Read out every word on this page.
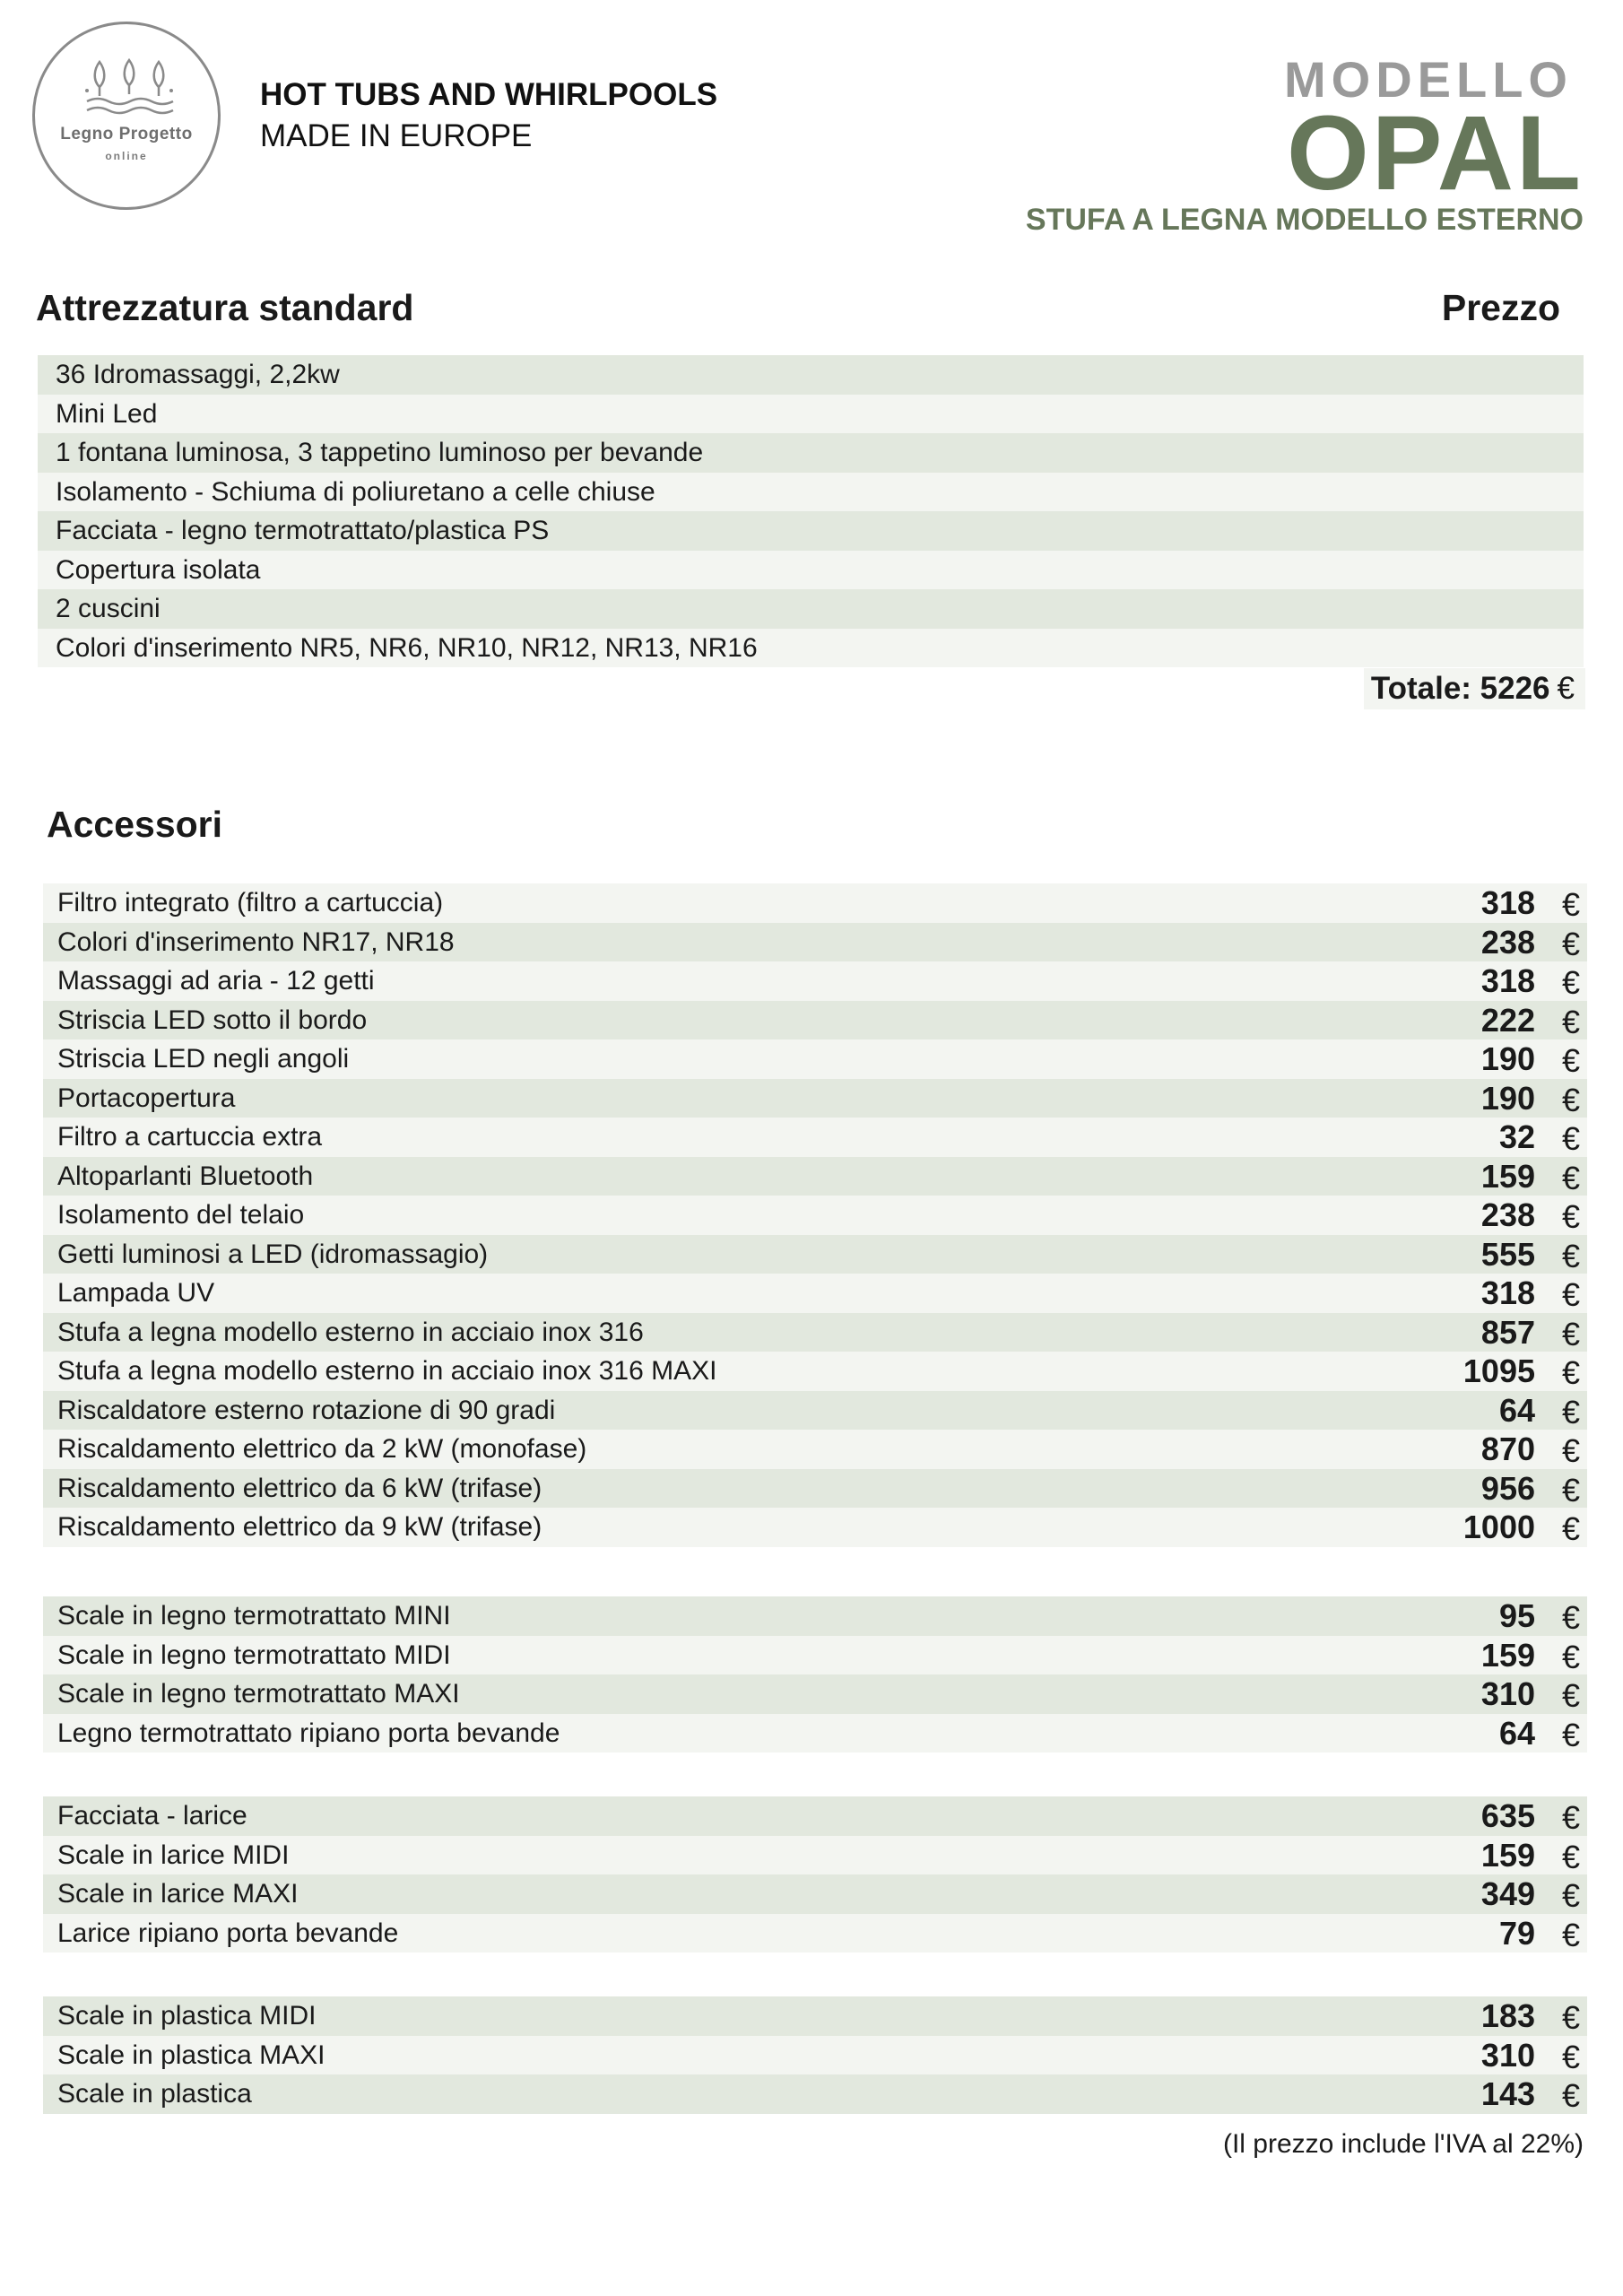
Legno Progetto
online
HOT TUBS AND WHIRLPOOLS
MADE IN EUROPE
MODELLO
OPAL
STUFA A LEGNA MODELLO ESTERNO
Attrezzatura standard	Prezzo
36 Idromassaggi, 2,2kw
Mini Led
1 fontana luminosa, 3 tappetino luminoso per bevande
Isolamento - Schiuma di poliuretano a celle chiuse
Facciata - legno termotrattato/plastica PS
Copertura isolata
2 cuscini
Colori d'inserimento NR5, NR6, NR10, NR12, NR13, NR16
Totale: 5226 €
Accessori
Filtro integrato (filtro a cartuccia)	318 €
Colori d'inserimento NR17, NR18	238 €
Massaggi ad aria - 12 getti	318 €
Striscia LED sotto il bordo	222 €
Striscia LED negli angoli	190 €
Portacopertura	190 €
Filtro a cartuccia extra	32 €
Altoparlanti Bluetooth	159 €
Isolamento del telaio	238 €
Getti luminosi a LED (idromassagio)	555 €
Lampada UV	318 €
Stufa a legna modello esterno in acciaio inox 316	857 €
Stufa a legna modello esterno in acciaio inox 316 MAXI	1095 €
Riscaldatore esterno rotazione di 90 gradi	64 €
Riscaldamento elettrico da 2 kW (monofase)	870 €
Riscaldamento elettrico da 6 kW (trifase)	956 €
Riscaldamento elettrico da 9 kW (trifase)	1000 €
Scale in legno termotrattato MINI	95 €
Scale in legno termotrattato MIDI	159 €
Scale in legno termotrattato MAXI	310 €
Legno termotrattato ripiano porta bevande	64 €
Facciata - larice	635 €
Scale in larice MIDI	159 €
Scale in larice MAXI	349 €
Larice ripiano porta bevande	79 €
Scale in plastica MIDI	183 €
Scale in plastica MAXI	310 €
Scale in plastica	143 €
(Il prezzo include l'IVA al 22%)
